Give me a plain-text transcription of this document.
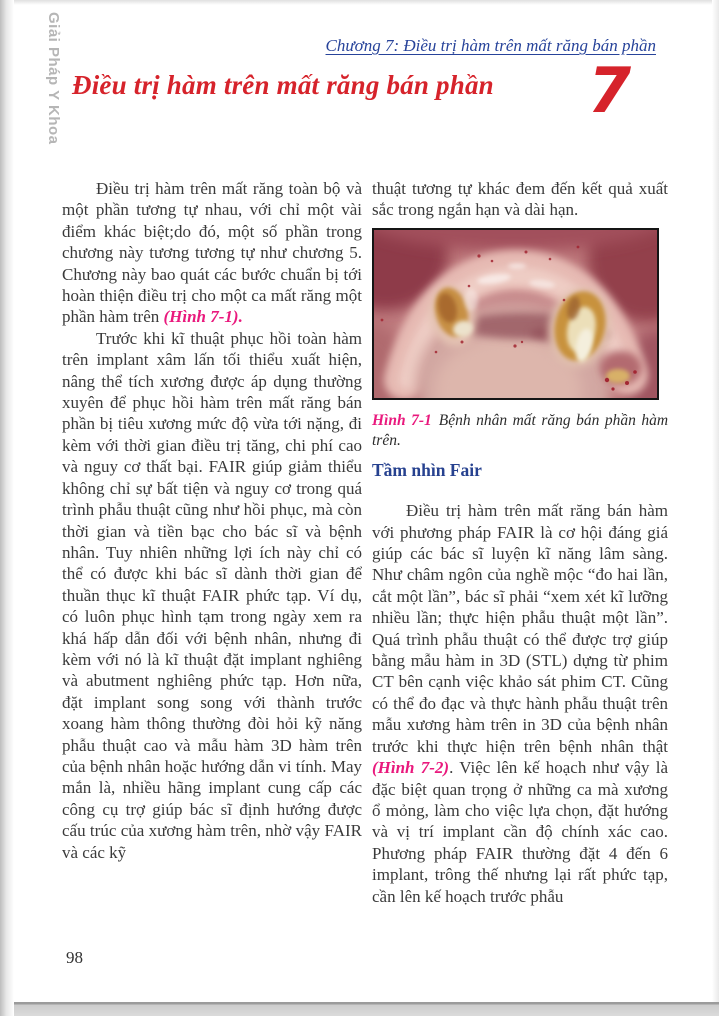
Giải Pháp Y Khoa	Chương 7: Điều trị hàm trên mất răng bán phần
Điều trị hàm trên mất răng bán phần 7

Điều trị hàm trên mất răng toàn bộ và một phần tương tự nhau, với chỉ một vài điểm khác biệt;do đó, một số phần trong chương này tương tương tự như chương 5. Chương này bao quát các bước chuẩn bị tới hoàn thiện điều trị cho một ca mất răng một phần hàm trên (Hình 7-1).

Trước khi kĩ thuật phục hồi toàn hàm trên implant xâm lấn tối thiểu xuất hiện, nâng thể tích xương được áp dụng thường xuyên để phục hồi hàm trên mất răng bán phần bị tiêu xương mức độ vừa tới nặng, đi kèm với thời gian điều trị tăng, chi phí cao và nguy cơ thất bại. FAIR giúp giảm thiểu không chỉ sự bất tiện và nguy cơ trong quá trình phẫu thuật cũng như hồi phục, mà còn thời gian và tiền bạc cho bác sĩ và bệnh nhân. Tuy nhiên những lợi ích này chỉ có thể có được khi bác sĩ dành thời gian để thuần thục kĩ thuật FAIR phức tạp. Ví dụ, có luôn phục hình tạm trong ngày xem ra khá hấp dẫn đối với bệnh nhân, nhưng đi kèm với nó là kĩ thuật đặt implant nghiêng và abutment nghiêng phức tạp. Hơn nữa, đặt implant song song với thành trước xoang hàm thông thường đòi hỏi kỹ năng phẫu thuật cao và mẫu hàm 3D hàm trên của bệnh nhân hoặc hướng dẫn vi tính. May mắn là, nhiều hãng implant cung cấp các công cụ trợ giúp bác sĩ định hướng được cấu trúc của xương hàm trên, nhờ vậy FAIR và các kỹ

thuật tương tự khác đem đến kết quả xuất sắc trong ngắn hạn và dài hạn.

Hình 7-1 Bệnh nhân mất răng bán phần hàm trên.

Tầm nhìn Fair

Điều trị hàm trên mất răng bán hàm với phương pháp FAIR là cơ hội đáng giá giúp các bác sĩ luyện kĩ năng lâm sàng. Như châm ngôn của nghề mộc “đo hai lần, cắt một lần”, bác sĩ phải “xem xét kĩ lưỡng nhiều lần; thực hiện phẫu thuật một lần”. Quá trình phẫu thuật có thể được trợ giúp bằng mẫu hàm in 3D (STL) dựng từ phim CT bên cạnh việc khảo sát phim CT. Cũng có thể đo đạc và thực hành phẫu thuật trên mẫu xương hàm trên in 3D của bệnh nhân trước khi thực hiện trên bệnh nhân thật (Hình 7-2). Việc lên kế hoạch như vậy là đặc biệt quan trọng ở những ca mà xương ổ mỏng, làm cho việc lựa chọn, đặt hướng và vị trí implant cần độ chính xác cao. Phương pháp FAIR thường đặt 4 đến 6 implant, trông thế nhưng lại rất phức tạp, cần lên kế hoạch trước phẫu

98
